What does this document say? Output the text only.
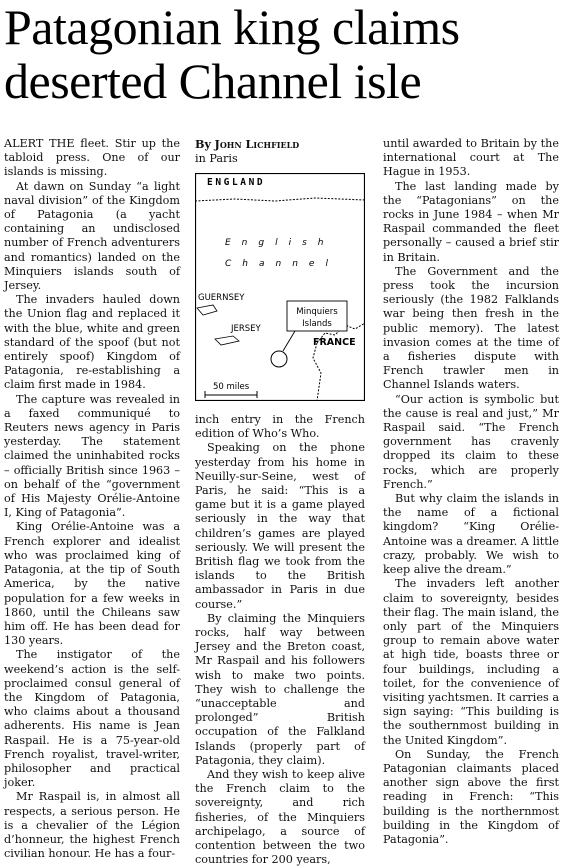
Patagonian king claims deserted Channel isle

ALERT THE fleet. Stir up the tabloid press. One of our islands is missing.

At dawn on Sunday “a light naval division” of the Kingdom of Patagonia (a yacht containing an undisclosed number of French adventurers and romantics) landed on the Minquiers islands south of Jersey.

The invaders hauled down the Union flag and replaced it with the blue, white and green standard of the spoof (but not entirely spoof) Kingdom of Patagonia, re-establishing a claim first made in 1984.

The capture was revealed in a faxed communiqué to Reuters news agency in Paris yesterday. The statement claimed the uninhabited rocks – officially British since 1963 – on behalf of the “government of His Majesty Orélie-Antoine I, King of Patagonia”.

King Orélie-Antoine was a French explorer and idealist who was proclaimed king of Patagonia, at the tip of South America, by the native population for a few weeks in 1860, until the Chileans saw him off. He has been dead for 130 years.

The instigator of the weekend’s action is the self-proclaimed consul general of the Kingdom of Patagonia, who claims about a thousand adherents. His name is Jean Raspail. He is a 75-year-old French royalist, travel-writer, philosopher and practical joker.

Mr Raspail is, in almost all respects, a serious person. He is a chevalier of the Légion d’honneur, the highest French civilian honour. He has a four-

By John Lichfield
in Paris
ENGLAND
English
Channel
GUERNSEY
JERSEY
FRANCE
Minquiers
Islands
50 miles

inch entry in the French edition of Who’s Who.

Speaking on the phone yesterday from his home in Neuilly-sur-Seine, west of Paris, he said: “This is a game but it is a game played seriously in the way that children’s games are played seriously. We will present the British flag we took from the islands to the British ambassador in Paris in due course.”

By claiming the Minquiers rocks, half way between Jersey and the Breton coast, Mr Raspail and his followers wish to make two points. They wish to challenge the “unacceptable and prolonged” British occupation of the Falkland Islands (properly part of Patagonia, they claim).

And they wish to keep alive the French claim to the sovereignty, and rich fisheries, of the Minquiers archipelago, a source of contention between the two countries for 200 years,

until awarded to Britain by the international court at The Hague in 1953.

The last landing made by the “Patagonians” on the rocks in June 1984 – when Mr Raspail commanded the fleet personally – caused a brief stir in Britain.

The Government and the press took the incursion seriously (the 1982 Falklands war being then fresh in the public memory). The latest invasion comes at the time of a fisheries dispute with French trawler men in Channel Islands waters.

“Our action is symbolic but the cause is real and just,” Mr Raspail said. “The French government has cravenly dropped its claim to these rocks, which are properly French.”

But why claim the islands in the name of a fictional kingdom? “King Orélie-Antoine was a dreamer. A little crazy, probably. We wish to keep alive the dream.”

The invaders left another claim to sovereignty, besides their flag. The main island, the only part of the Minquiers group to remain above water at high tide, boasts three or four buildings, including a toilet, for the convenience of visiting yachtsmen. It carries a sign saying: “This building is the southernmost building in the United Kingdom”.

On Sunday, the French Patagonian claimants placed another sign above the first reading in French: “This building is the northernmost building in the Kingdom of Patagonia”.
